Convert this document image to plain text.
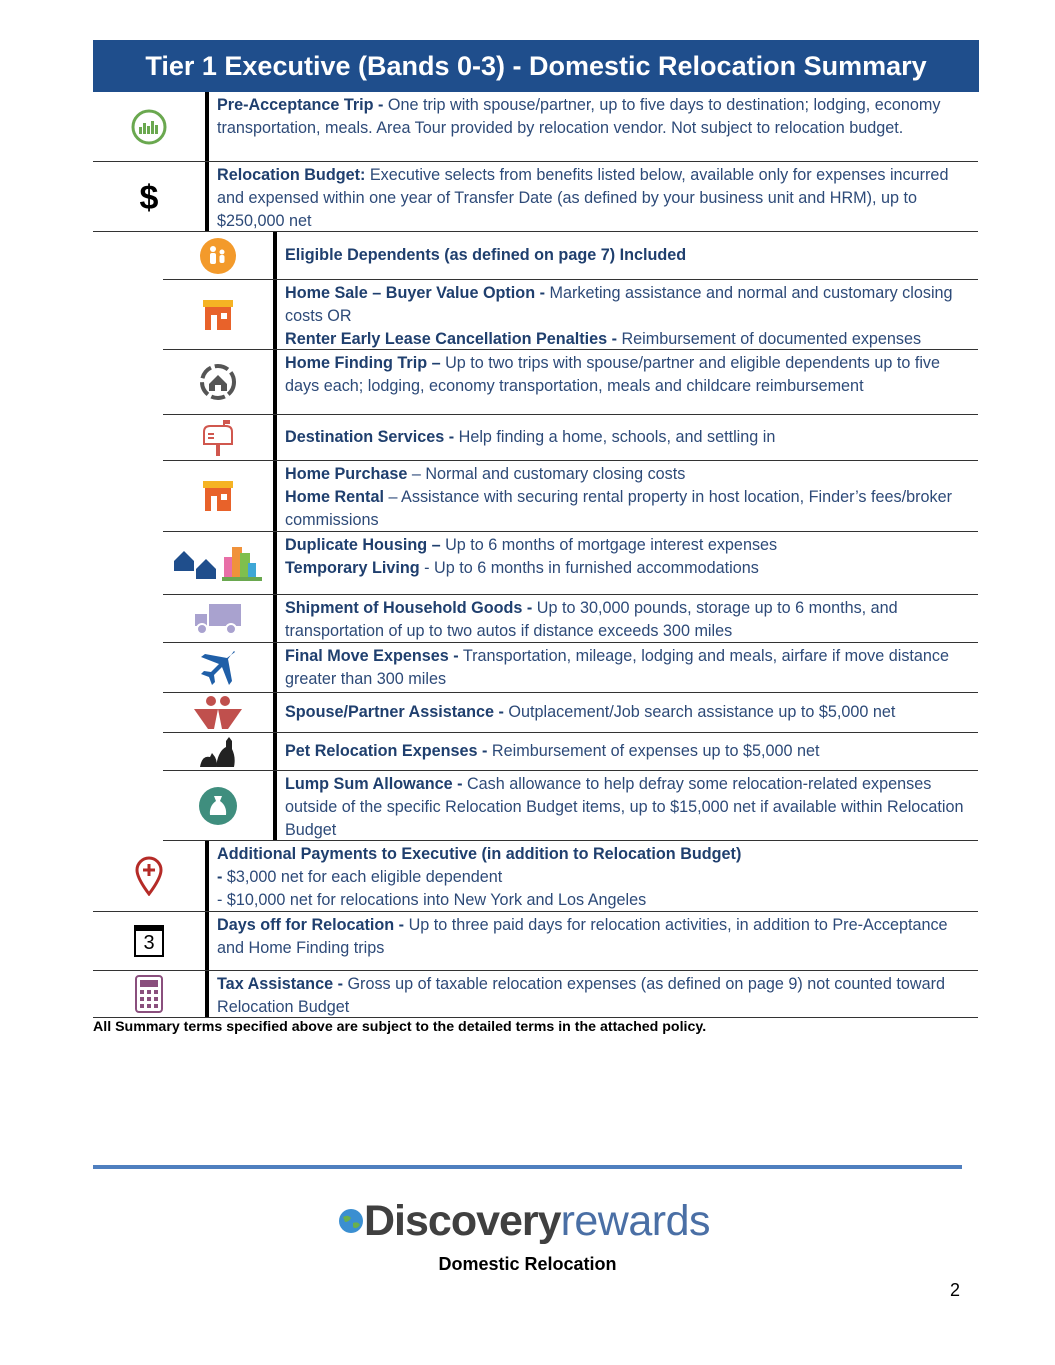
Tier 1 Executive (Bands 0-3) - Domestic Relocation Summary
Pre-Acceptance Trip - One trip with spouse/partner, up to five days to destination; lodging, economy transportation, meals. Area Tour provided by relocation vendor. Not subject to relocation budget.
$
Relocation Budget: Executive selects from benefits listed below, available only for expenses incurred and expensed within one year of Transfer Date (as defined by your business unit and HRM), up to $250,000 net
Eligible Dependents (as defined on page 7) Included
Home Sale – Buyer Value Option - Marketing assistance and normal and customary closing costs OR
Renter Early Lease Cancellation Penalties - Reimbursement of documented expenses
Home Finding Trip – Up to two trips with spouse/partner and eligible dependents up to five days each; lodging, economy transportation, meals and childcare reimbursement
Destination Services - Help finding a home, schools, and settling in
Home Purchase – Normal and customary closing costs
Home Rental – Assistance with securing rental property in host location, Finder’s fees/broker commissions
Duplicate Housing – Up to 6 months of mortgage interest expenses
Temporary Living - Up to 6 months in furnished accommodations
Shipment of Household Goods - Up to 30,000 pounds, storage up to 6 months, and transportation of up to two autos if distance exceeds 300 miles
Final Move Expenses - Transportation, mileage, lodging and meals, airfare if move distance greater than 300 miles
Spouse/Partner Assistance - Outplacement/Job search assistance up to $5,000 net
Pet Relocation Expenses - Reimbursement of expenses up to $5,000 net
Lump Sum Allowance - Cash allowance to help defray some relocation-related expenses outside of the specific Relocation Budget items, up to $15,000 net if available within Relocation Budget
Additional Payments to Executive (in addition to Relocation Budget)
- $3,000 net for each eligible dependent
- $10,000 net for relocations into New York and Los Angeles
3
Days off for Relocation - Up to three paid days for relocation activities, in addition to Pre-Acceptance and Home Finding trips
Tax Assistance - Gross up of taxable relocation expenses (as defined on page 9) not counted toward Relocation Budget
All Summary terms specified above are subject to the detailed terms in the attached policy.
Discovery rewards
Domestic Relocation
2
